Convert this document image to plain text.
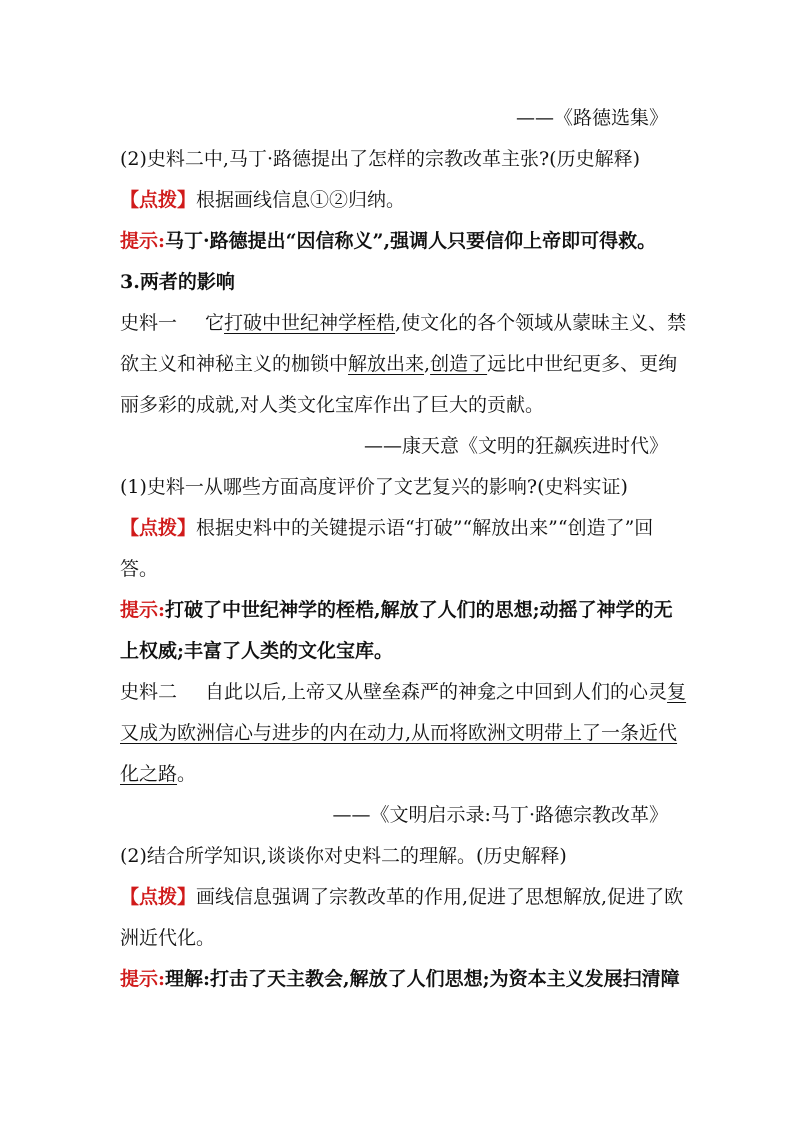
——《路德选集》
(2)史料二中,马丁·路德提出了怎样的宗教改革主张?(历史解释)
【点拨】根据画线信息①②归纳。
提示:马丁·路德提出“因信称义”,强调人只要信仰上帝即可得救。
3.两者的影响
史料一 它打破中世纪神学桎梏,使文化的各个领域从蒙昧主义、禁
欲主义和神秘主义的枷锁中解放出来,创造了远比中世纪更多、更绚
丽多彩的成就,对人类文化宝库作出了巨大的贡献。
——康天意《文明的狂飙疾进时代》
(1)史料一从哪些方面高度评价了文艺复兴的影响?(史料实证)
【点拨】根据史料中的关键提示语“打破”“解放出来”“创造了”回
答。
提示:打破了中世纪神学的桎梏,解放了人们的思想;动摇了神学的无
上权威;丰富了人类的文化宝库。
史料二 自此以后,上帝又从壁垒森严的神龛之中回到人们的心灵复
又成为欧洲信心与进步的内在动力,从而将欧洲文明带上了一条近代
化之路。
——《文明启示录:马丁·路德宗教改革》
(2)结合所学知识,谈谈你对史料二的理解。(历史解释)
【点拨】画线信息强调了宗教改革的作用,促进了思想解放,促进了欧
洲近代化。
提示:理解:打击了天主教会,解放了人们思想;为资本主义发展扫清障
